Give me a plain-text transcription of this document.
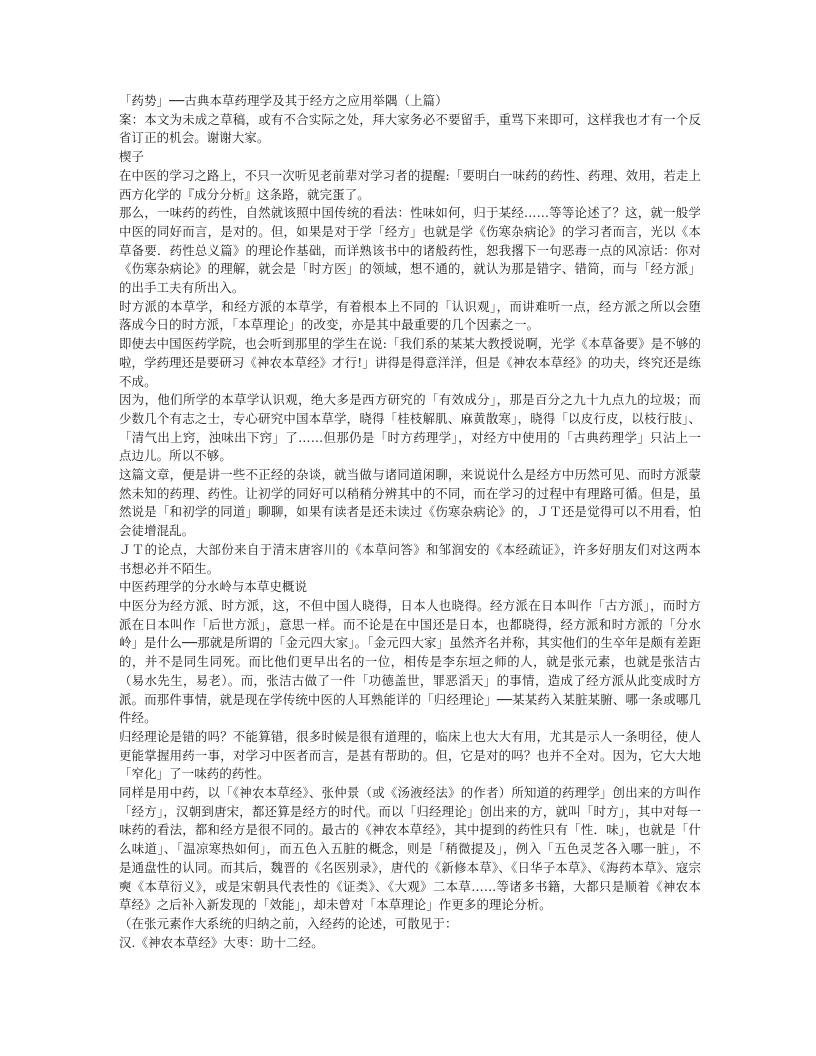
「药势」──古典本草药理学及其于经方之应用举隅（上篇）

案：本文为未成之草稿，或有不合实际之处，拜大家务必不要留手，重骂下来即可，这样我也才有一个反省订正的机会。谢谢大家。

楔子

在中医的学习之路上，不只一次听见老前辈对学习者的提醒:「要明白一味药的药性、药理、效用，若走上西方化学的『成分分析』这条路，就完蛋了。

那么，一味药的药性，自然就该照中国传统的看法：性味如何，归于某经……等等论述了？这，就一般学中医的同好而言，是对的。但，如果是对于学「经方」也就是学《伤寒杂病论》的学习者而言，光以《本草备要．药性总义篇》的理论作基础，而详熟该书中的诸般药性，恕我撂下一句恶毒一点的风凉话：你对《伤寒杂病论》的理解，就会是「时方医」的领域，想不通的，就认为那是错字、错简，而与「经方派」的出手工夫有所出入。

时方派的本草学，和经方派的本草学，有着根本上不同的「认识观」，而讲难听一点，经方派之所以会堕落成今日的时方派，「本草理论」的改变，亦是其中最重要的几个因素之一。

即使去中国医药学院，也会听到那里的学生在说:「我们系的某某大教授说啊，光学《本草备要》是不够的啦，学药理还是要研习《神农本草经》才行!」讲得是得意洋洋，但是《神农本草经》的功夫，终究还是练不成。

因为，他们所学的本草学认识观，绝大多是西方研究的「有效成分」，那是百分之九十九点九的垃圾；而少数几个有志之士，专心研究中国本草学，晓得「桂枝解肌、麻黄散寒」，晓得「以皮行皮，以枝行肢」、「清气出上窍，浊味出下窍」了……但那仍是「时方药理学」，对经方中使用的「古典药理学」只沾上一点边儿。所以不够。

这篇文章，便是讲一些不正经的杂谈，就当做与诸同道闲聊，来说说什么是经方中历然可见、而时方派蒙然未知的药理、药性。让初学的同好可以稍稍分辨其中的不同，而在学习的过程中有理路可循。但是，虽然说是「和初学的同道」聊聊，如果有读者是还未读过《伤寒杂病论》的，ＪＴ还是觉得可以不用看，怕会徒增混乱。

ＪＴ的论点，大部份来自于清末唐容川的《本草问答》和邹润安的《本经疏证》，许多好朋友们对这两本书想必并不陌生。

中医药理学的分水岭与本草史概说

中医分为经方派、时方派，这，不但中国人晓得，日本人也晓得。经方派在日本叫作「古方派」，而时方派在日本叫作「后世方派」，意思一样。而不论是在中国还是日本，也都晓得，经方派和时方派的「分水岭」是什么──那就是所谓的「金元四大家」。「金元四大家」虽然齐名并称，其实他们的生卒年是颇有差距的，并不是同生同死。而比他们更早出名的一位，相传是李东垣之师的人，就是张元素，也就是张洁古（易水先生，易老）。而，张洁古做了一件「功德盖世，罪恶滔天」的事情，造成了经方派从此变成时方派。而那件事情，就是现在学传统中医的人耳熟能详的「归经理论」──某某药入某脏某腑、哪一条或哪几件经。

归经理论是错的吗？不能算错，很多时候是很有道理的，临床上也大大有用，尤其是示人一条明径，使人更能掌握用药一事，对学习中医者而言，是甚有帮助的。但，它是对的吗？也并不全对。因为，它大大地「窄化」了一味药的药性。

同样是用中药，以「《神农本草经》、张仲景（或《汤液经法》的作者）所知道的药理学」创出来的方叫作「经方」，汉朝到唐宋，都还算是经方的时代。而以「归经理论」创出来的方，就叫「时方」，其中对每一味药的看法，都和经方是很不同的。最古的《神农本草经》，其中提到的药性只有「性．味」，也就是「什么味道」、「温凉寒热如何」，而五色入五脏的概念，则是「稍微提及」，例入「五色灵芝各入哪一脏」，不是通盘性的认同。而其后，魏晋的《名医别录》，唐代的《新修本草》、《日华子本草》、《海药本草》、寇宗奭《本草衍义》，或是宋朝具代表性的《证类》、《大观》二本草……等诸多书籍，大都只是顺着《神农本草经》之后补入新发现的「效能」，却未曾对「本草理论」作更多的理论分析。

（在张元素作大系统的归纳之前，入经药的论述，可散见于：

汉.《神农本草经》大枣：助十二经。
